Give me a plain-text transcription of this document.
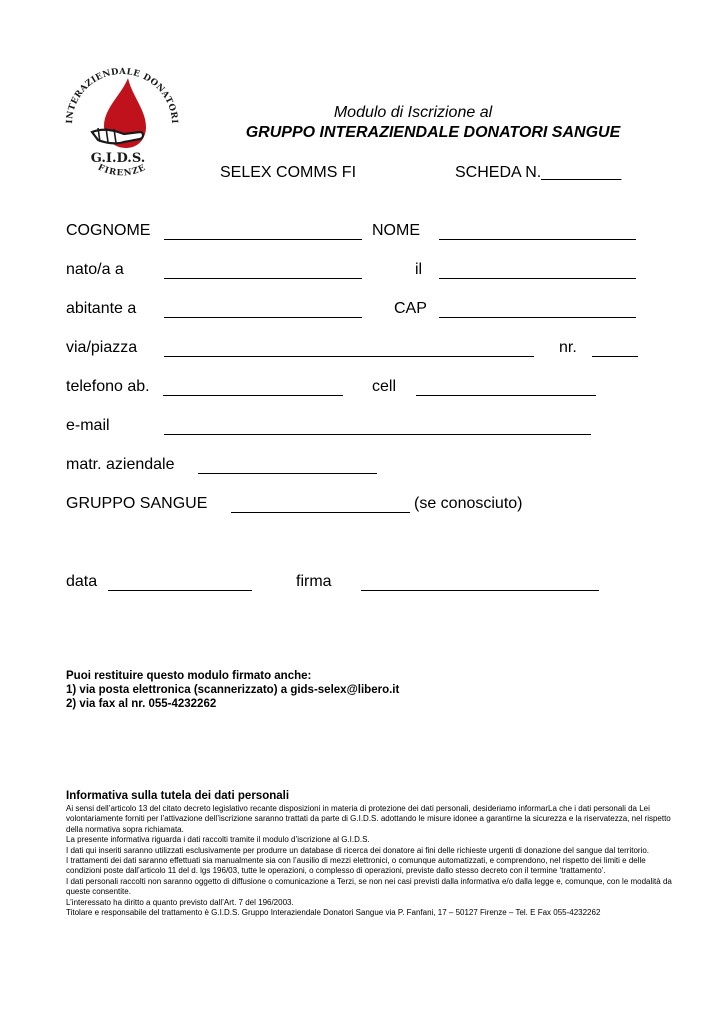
INTERAZIENDALE DONATORI
G.I.D.S.
FIRENZE
Modulo di Iscrizione al
GRUPPO INTERAZIENDALE DONATORI SANGUE
SELEX COMMS FI	SCHEDA N._________
COGNOME	NOME
nato/a a	il
abitante a	CAP
via/piazza	nr.
telefono ab.	cell
e-mail
matr. aziendale
GRUPPO SANGUE	(se conosciuto)
data	firma
Puoi restituire questo modulo firmato anche:
1) via posta elettronica (scannerizzato) a gids-selex@libero.it
2) via fax al nr. 055-4232262
Informativa sulla tutela dei dati personali

Ai sensi dell’articolo 13 del citato decreto legislativo recante disposizioni in materia di protezione dei dati personali, desideriamo informarLa che i dati personali da Lei volontariamente forniti per l’attivazione dell’iscrizione saranno trattati da parte di G.I.D.S. adottando le misure idonee a garantirne la sicurezza e la riservatezza, nel rispetto della normativa sopra richiamata.

La presente informativa riguarda i dati raccolti tramite il modulo d’iscrizione al G.I.D.S.

I dati qui inseriti saranno utilizzati esclusivamente per produrre un database di ricerca dei donatore ai fini delle richieste urgenti di donazione del sangue dal territorio.

I trattamenti dei dati saranno effettuati sia manualmente sia con l’ausilio di mezzi elettronici, o comunque automatizzati, e comprendono, nel rispetto dei limiti e delle condizioni poste dall’articolo 11 del d. lgs 196/03, tutte le operazioni, o complesso di operazioni, previste dallo stesso decreto con il termine ‘trattamento’.

I dati personali raccolti non saranno oggetto di diffusione o comunicazione a Terzi, se non nei casi previsti dalla informativa e/o dalla legge e, comunque, con le modalità da queste consentite.

L’interessato ha diritto a quanto previsto dall’Art. 7 del 196/2003.

Titolare e responsabile del trattamento è G.I.D.S. Gruppo Interaziendale Donatori Sangue via P. Fanfani, 17 – 50127 Firenze – Tel. E Fax 055-4232262
